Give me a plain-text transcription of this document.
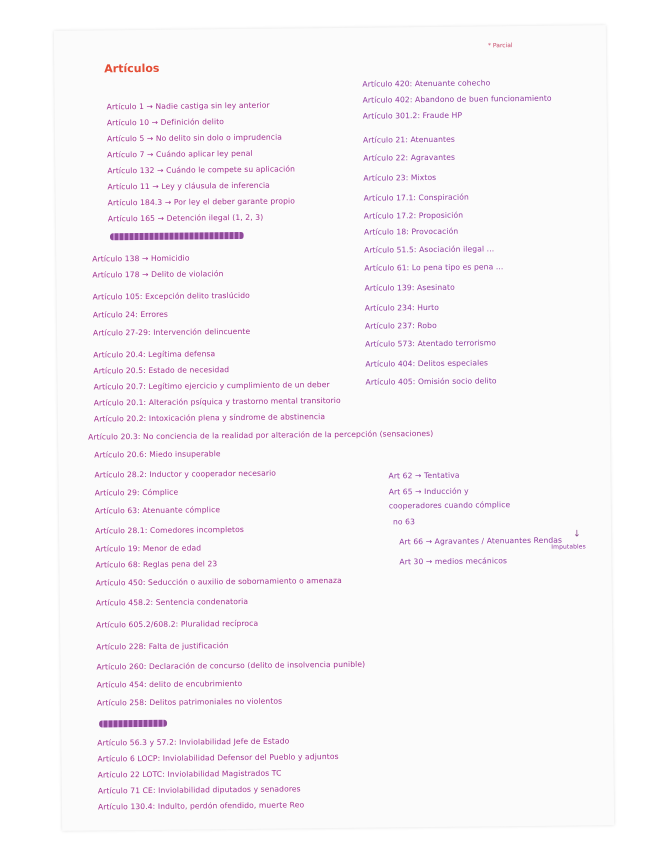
Artículos
* Parcial
Artículo 1 → Nadie castiga sin ley anterior
Artículo 10 → Definición delito
Artículo 5 → No delito sin dolo o imprudencia
Artículo 7 → Cuándo aplicar ley penal
Artículo 132 → Cuándo le compete su aplicación
Artículo 11 → Ley y cláusula de inferencia
Artículo 184.3 → Por ley el deber garante propio
Artículo 165 → Detención ilegal (1, 2, 3)
Artículo 138 → Homicidio
Artículo 178 → Delito de violación
Artículo 105: Excepción delito traslúcido
Artículo 24: Errores
Artículo 27-29: Intervención delincuente
Artículo 20.4: Legítima defensa
Artículo 20.5: Estado de necesidad
Artículo 20.7: Legítimo ejercicio y cumplimiento de un deber
Artículo 20.1: Alteración psíquica y trastorno mental transitorio
Artículo 20.2: Intoxicación plena y síndrome de abstinencia
Artículo 20.3: No conciencia de la realidad por alteración de la percepción (sensaciones)
Artículo 20.6: Miedo insuperable
Artículo 28.2: Inductor y cooperador necesario
Artículo 29: Cómplice
Artículo 63: Atenuante cómplice
Artículo 28.1: Comedores incompletos
Artículo 19: Menor de edad
Artículo 68: Reglas pena del 23
Artículo 450: Seducción o auxilio de sobornamiento o amenaza
Artículo 458.2: Sentencia condenatoria
Artículo 605.2/608.2: Pluralidad recíproca
Artículo 228: Falta de justificación
Artículo 260: Declaración de concurso (delito de insolvencia punible)
Artículo 454: delito de encubrimiento
Artículo 258: Delitos patrimoniales no violentos
Artículo 56.3 y 57.2: Inviolabilidad Jefe de Estado
Artículo 6 LOCP: Inviolabilidad Defensor del Pueblo y adjuntos
Artículo 22 LOTC: Inviolabilidad Magistrados TC
Artículo 71 CE: Inviolabilidad diputados y senadores
Artículo 130.4: Indulto, perdón ofendido, muerte Reo
Artículo 420: Atenuante cohecho
Artículo 402: Abandono de buen funcionamiento
Artículo 301.2: Fraude HP
Artículo 21: Atenuantes
Artículo 22: Agravantes
Artículo 23: Mixtos
Artículo 17.1: Conspiración
Artículo 17.2: Proposición
Artículo 18: Provocación
Artículo 51.5: Asociación ilegal ...
Artículo 61: Lo pena tipo es pena ...
Artículo 139: Asesinato
Artículo 234: Hurto
Artículo 237: Robo
Artículo 573: Atentado terrorismo
Artículo 404: Delitos especiales
Artículo 405: Omisión socio delito
Art 62 → Tentativa
Art 65 → Inducción y
cooperadores cuando cómplice
no 63
Art 66 → Agravantes / Atenuantes Rendas
↓
Imputables
Art 30 → medios mecánicos
